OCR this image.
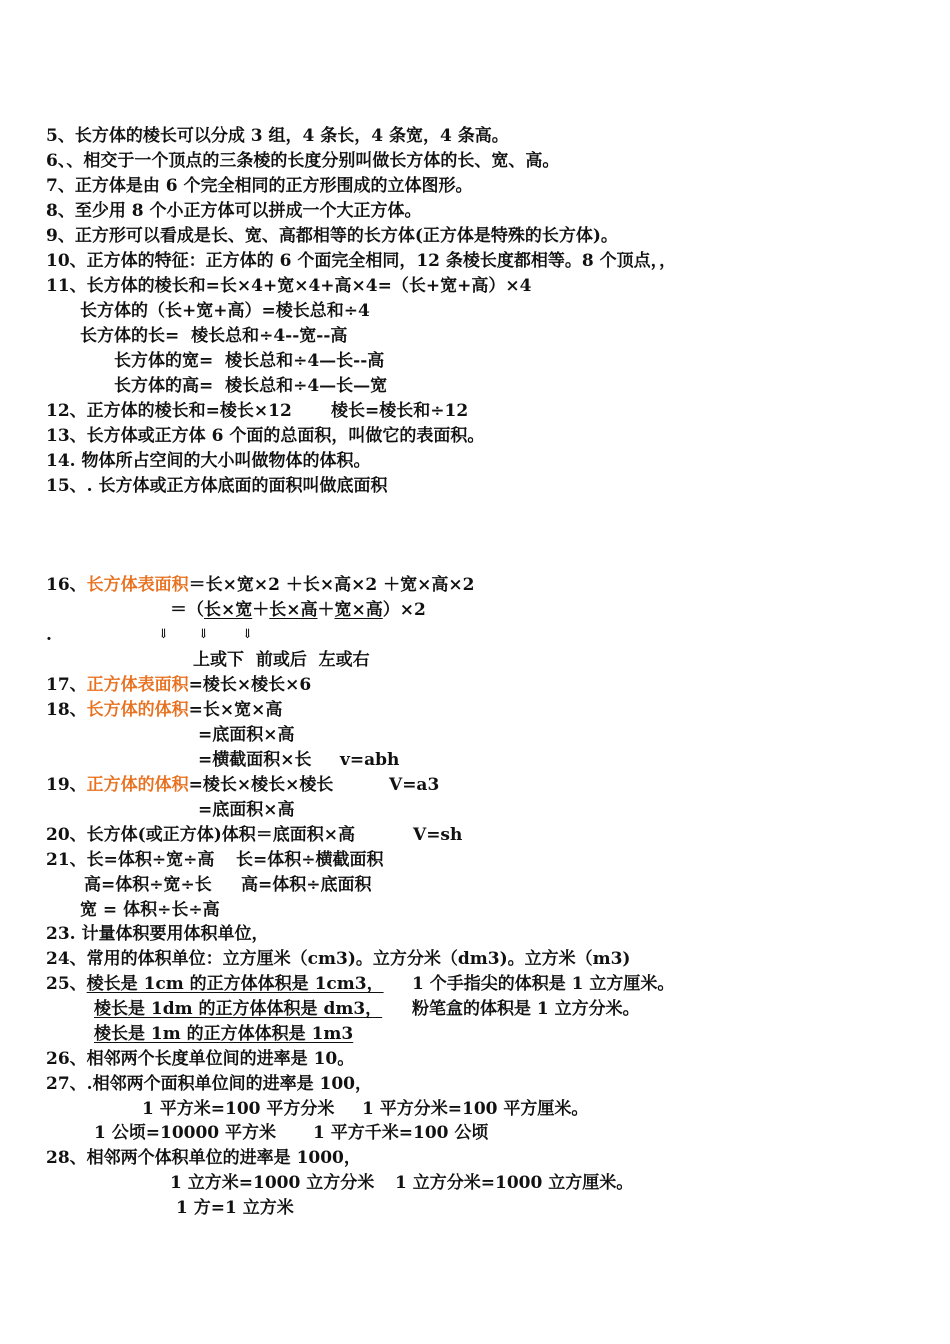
5、长方体的棱长可以分成 3 组，4 条长，4 条宽，4 条高。
6、、相交于一个顶点的三条棱的长度分别叫做长方体的长、宽、高。
7、正方体是由 6 个完全相同的正方形围成的立体图形。
8、至少用 8 个小正方体可以拼成一个大正方体。
9、正方形可以看成是长、宽、高都相等的长方体(正方体是特殊的长方体)。
10、正方体的特征：正方体的 6 个面完全相同，12 条棱长度都相等。8 个顶点，，
11、长方体的棱长和=长×4+宽×4+高×4=（长+宽+高）×4
长方体的（长+宽+高）=棱长总和÷4
长方体的长=  棱长总和÷4--宽--高
长方体的宽=  棱长总和÷4—长--高
长方体的高=  棱长总和÷4—长—宽
12、正方体的棱长和=棱长×12 棱长=棱长和÷12
13、长方体或正方体 6 个面的总面积，叫做它的表面积。
14. 物体所占空间的大小叫做物体的体积。
15、. 长方体或正方体底面的面积叫做底面积
16、长方体表面积＝长×宽×2 ＋长×高×2 ＋宽×高×2
＝（长×宽＋长×高＋宽×高）×2
.	⇓ ⇓	⇓
上或下  前或后  左或右
17、正方体表面积=棱长×棱长×6
18、长方体的体积=长×宽×高
=底面积×高
=横截面积×长 v=abh
19、正方体的体积=棱长×棱长×棱长	V=a3
=底面积×高
20、长方体(或正方体)体积＝底面积×高	V=sh
21、长=体积÷宽÷高 长=体积÷横截面积
高=体积÷宽÷长 高=体积÷底面积
宽 = 体积÷长÷高
23. 计量体积要用体积单位，
24、常用的体积单位：立方厘米（cm3)。立方分米（dm3)。立方米（m3)
25、棱长是 1cm 的正方体体积是 1cm3， 1 个手指尖的体积是 1 立方厘米。
棱长是 1dm 的正方体体积是 dm3， 粉笔盒的体积是 1 立方分米。
棱长是 1m 的正方体体积是 1m3
26、相邻两个长度单位间的进率是 10。
27、.相邻两个面积单位间的进率是 100，
1 平方米=100 平方分米 1 平方分米=100 平方厘米。
1 公顷=10000 平方米 1 平方千米=100 公顷
28、相邻两个体积单位的进率是 1000，
1 立方米=1000 立方分米 1 立方分米=1000 立方厘米。
1 方=1 立方米
